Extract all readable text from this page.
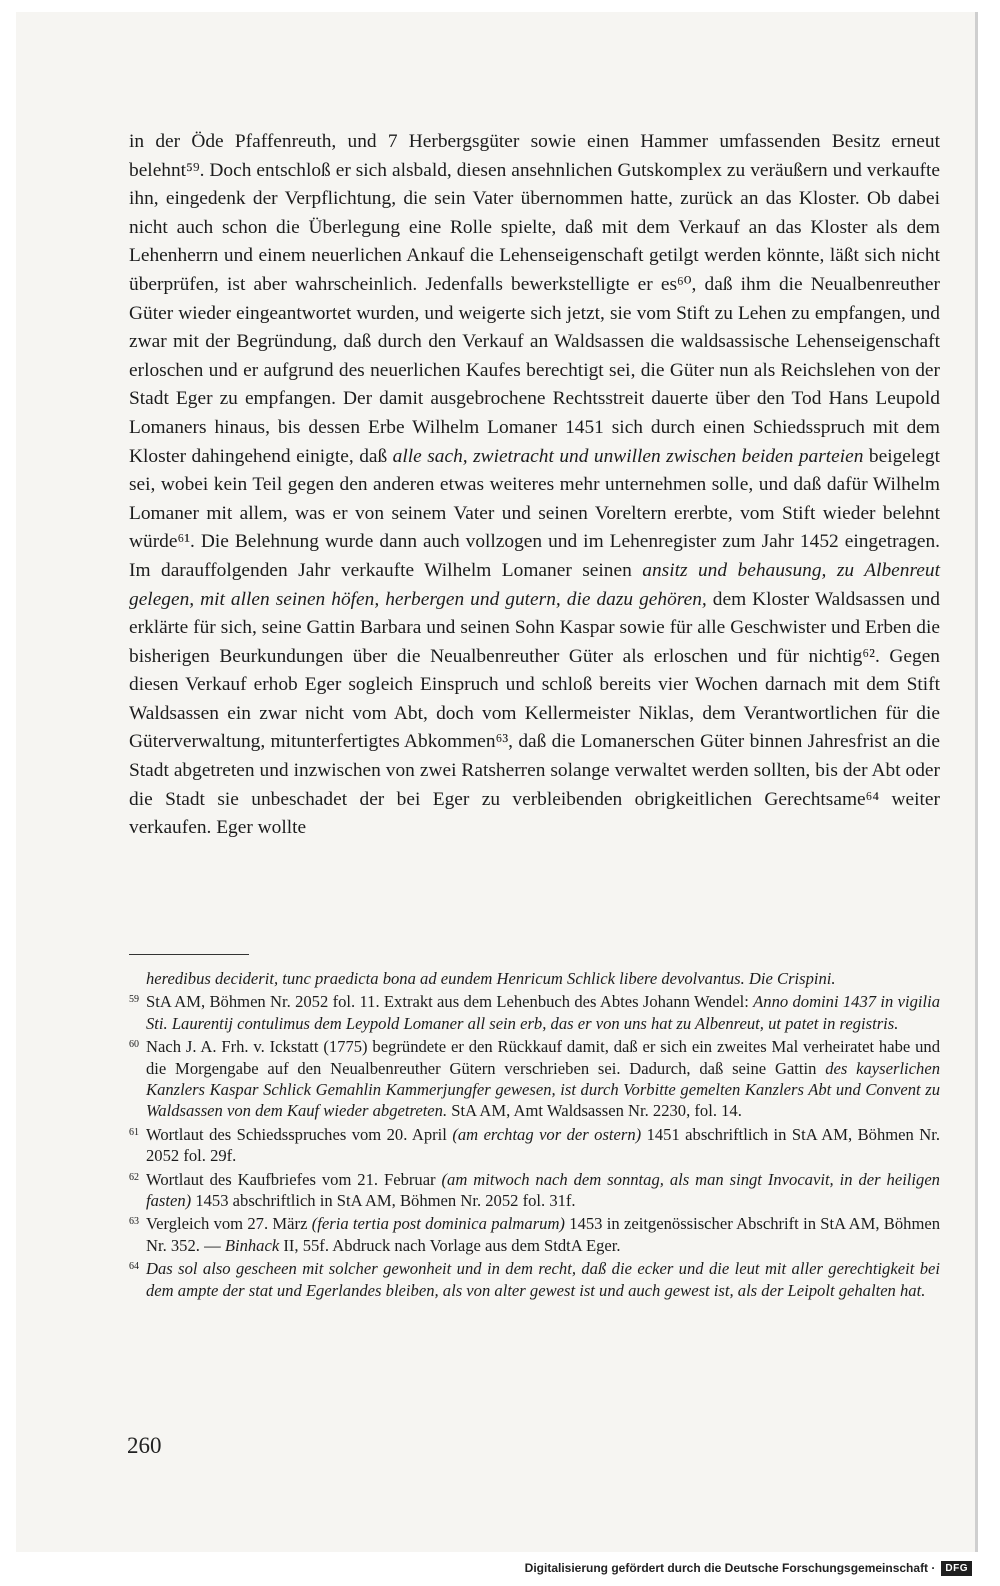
in der Öde Pfaffenreuth, und 7 Herbergsgüter sowie einen Hammer umfassenden Besitz erneut belehnt⁵⁹. Doch entschloß er sich alsbald, diesen ansehnlichen Gutskomplex zu veräußern und verkaufte ihn, eingedenk der Verpflichtung, die sein Vater übernommen hatte, zurück an das Kloster. Ob dabei nicht auch schon die Überlegung eine Rolle spielte, daß mit dem Verkauf an das Kloster als dem Lehenherrn und einem neuerlichen Ankauf die Lehenseigenschaft getilgt werden könnte, läßt sich nicht überprüfen, ist aber wahrscheinlich. Jedenfalls bewerkstelligte er es⁶⁰, daß ihm die Neualbenreuther Güter wieder eingeantwortet wurden, und weigerte sich jetzt, sie vom Stift zu Lehen zu empfangen, und zwar mit der Begründung, daß durch den Verkauf an Waldsassen die waldsassische Lehenseigenschaft erloschen und er aufgrund des neuerlichen Kaufes berechtigt sei, die Güter nun als Reichslehen von der Stadt Eger zu empfangen. Der damit ausgebrochene Rechtsstreit dauerte über den Tod Hans Leupold Lomaners hinaus, bis dessen Erbe Wilhelm Lomaner 1451 sich durch einen Schiedsspruch mit dem Kloster dahingehend einigte, daß alle sach, zwietracht und unwillen zwischen beiden parteien beigelegt sei, wobei kein Teil gegen den anderen etwas weiteres mehr unternehmen solle, und daß dafür Wilhelm Lomaner mit allem, was er von seinem Vater und seinen Voreltern ererbte, vom Stift wieder belehnt würde⁶¹. Die Belehnung wurde dann auch vollzogen und im Lehenregister zum Jahr 1452 eingetragen. Im darauffolgenden Jahr verkaufte Wilhelm Lomaner seinen ansitz und behausung, zu Albenreut gelegen, mit allen seinen höfen, herbergen und gutern, die dazu gehören, dem Kloster Waldsassen und erklärte für sich, seine Gattin Barbara und seinen Sohn Kaspar sowie für alle Geschwister und Erben die bisherigen Beurkundungen über die Neualbenreuther Güter als erloschen und für nichtig⁶². Gegen diesen Verkauf erhob Eger sogleich Einspruch und schloß bereits vier Wochen darnach mit dem Stift Waldsassen ein zwar nicht vom Abt, doch vom Kellermeister Niklas, dem Verantwortlichen für die Güterverwaltung, mitunterfertigtes Abkommen⁶³, daß die Lomanerschen Güter binnen Jahresfrist an die Stadt abgetreten und inzwischen von zwei Ratsherren solange verwaltet werden sollten, bis der Abt oder die Stadt sie unbeschadet der bei Eger zu verbleibenden obrigkeitlichen Gerechtsame⁶⁴ weiter verkaufen. Eger wollte

heredibus deciderit, tunc praedicta bona ad eundem Henricum Schlick libere devolvantus. Die Crispini.

59 StA AM, Böhmen Nr. 2052 fol. 11. Extrakt aus dem Lehenbuch des Abtes Johann Wendel: Anno domini 1437 in vigilia Sti. Laurentij contulimus dem Leypold Lomaner all sein erb, das er von uns hat zu Albenreut, ut patet in registris.

60 Nach J. A. Frh. v. Ickstatt (1775) begründete er den Rückkauf damit, daß er sich ein zweites Mal verheiratet habe und die Morgengabe auf den Neualbenreuther Gütern verschrieben sei. Dadurch, daß seine Gattin des kayserlichen Kanzlers Kaspar Schlick Gemahlin Kammerjungfer gewesen, ist durch Vorbitte gemelten Kanzlers Abt und Convent zu Waldsassen von dem Kauf wieder abgetreten. StA AM, Amt Waldsassen Nr. 2230, fol. 14.

61 Wortlaut des Schiedsspruches vom 20. April (am erchtag vor der ostern) 1451 abschriftlich in StA AM, Böhmen Nr. 2052 fol. 29f.

62 Wortlaut des Kaufbriefes vom 21. Februar (am mitwoch nach dem sonntag, als man singt Invocavit, in der heiligen fasten) 1453 abschriftlich in StA AM, Böhmen Nr. 2052 fol. 31f.

63 Vergleich vom 27. März (feria tertia post dominica palmarum) 1453 in zeitgenössischer Abschrift in StA AM, Böhmen Nr. 352. — Binhack II, 55f. Abdruck nach Vorlage aus dem StdtA Eger.

64 Das sol also gescheen mit solcher gewonheit und in dem recht, daß die ecker und die leut mit aller gerechtigkeit bei dem ampte der stat und Egerlandes bleiben, als von alter gewest ist und auch gewest ist, als der Leipolt gehalten hat.

260
Digitalisierung gefördert durch die Deutsche Forschungsgemeinschaft ·	DFG
